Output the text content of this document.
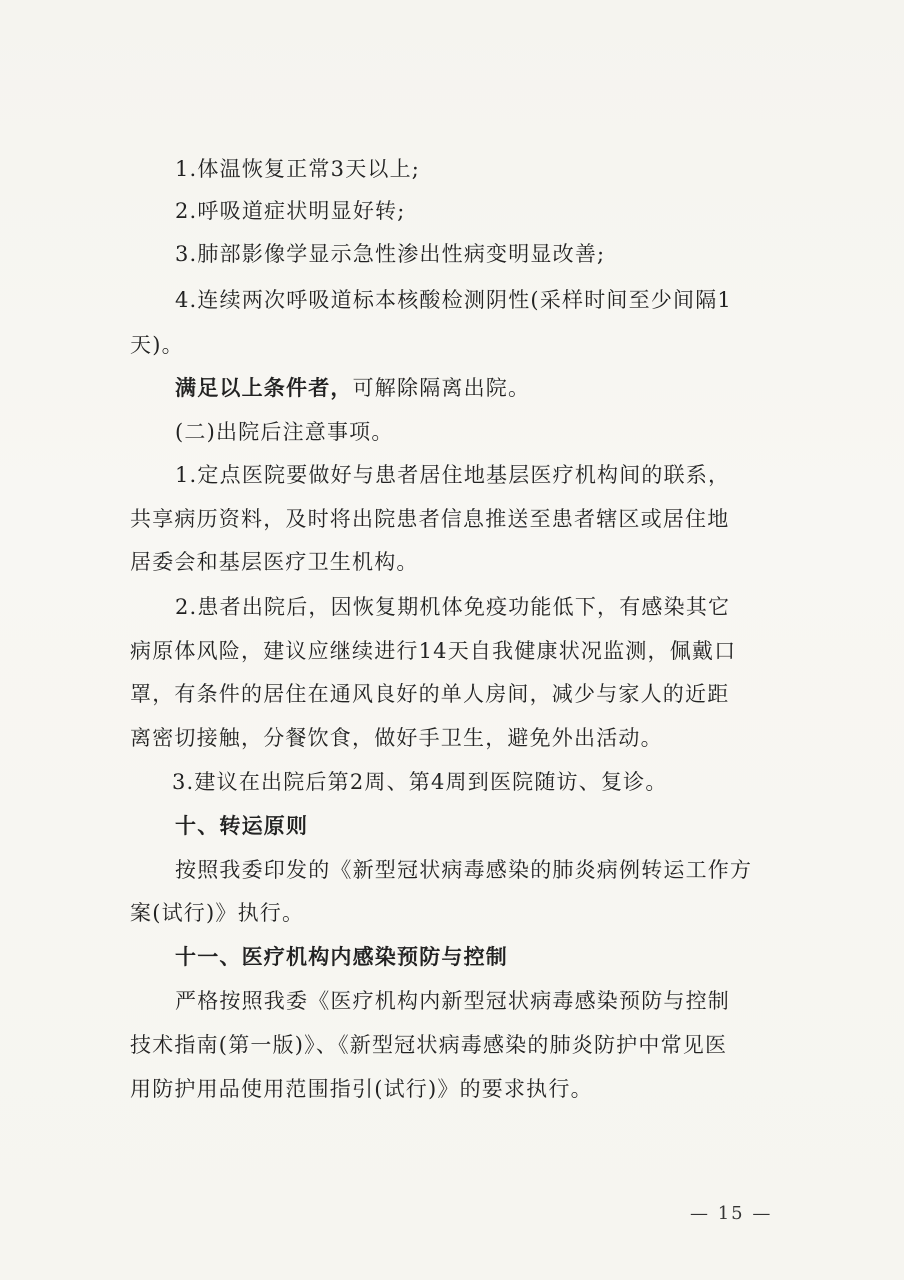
1.体温恢复正常3天以上;
2.呼吸道症状明显好转;
3.肺部影像学显示急性渗出性病变明显改善;
4.连续两次呼吸道标本核酸检测阴性(采样时间至少间隔1
天)。
满足以上条件者，可解除隔离出院。
(二)出院后注意事项。
1.定点医院要做好与患者居住地基层医疗机构间的联系，
共享病历资料，及时将出院患者信息推送至患者辖区或居住地
居委会和基层医疗卫生机构。
2.患者出院后，因恢复期机体免疫功能低下，有感染其它
病原体风险，建议应继续进行14天自我健康状况监测，佩戴口
罩，有条件的居住在通风良好的单人房间，减少与家人的近距
离密切接触，分餐饮食，做好手卫生，避免外出活动。
3.建议在出院后第2周、第4周到医院随访、复诊。
十、转运原则
按照我委印发的《新型冠状病毒感染的肺炎病例转运工作方
案(试行)》执行。
十一、医疗机构内感染预防与控制
严格按照我委《医疗机构内新型冠状病毒感染预防与控制
技术指南(第一版)》、《新型冠状病毒感染的肺炎防护中常见医
用防护用品使用范围指引(试行)》的要求执行。
— 15 —
